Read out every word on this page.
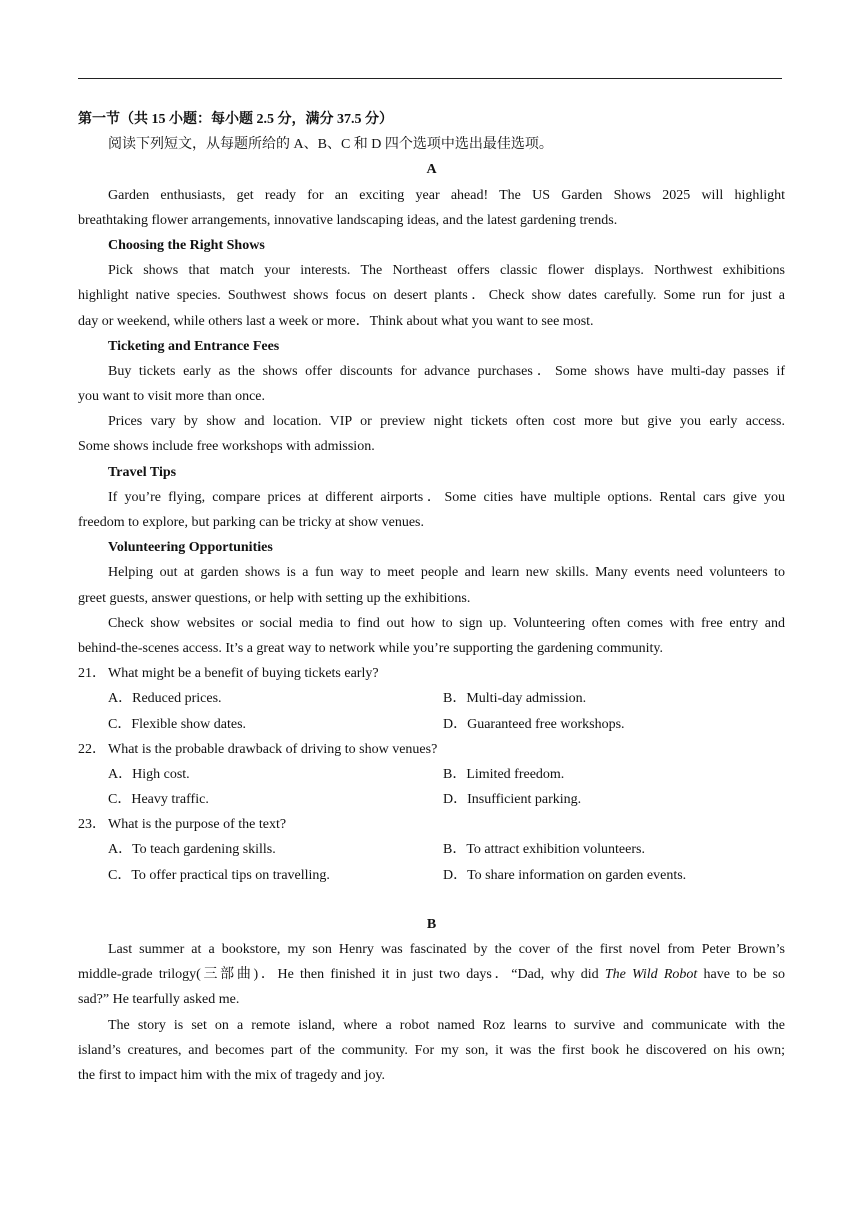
第一节（共 15 小题：每小题 2.5 分，满分 37.5 分）
阅读下列短文，从每题所给的 A、B、C 和 D 四个选项中选出最佳选项。
A
Garden enthusiasts, get ready for an exciting year ahead! The US Garden Shows 2025 will highlight
breathtaking flower arrangements, innovative landscaping ideas, and the latest gardening trends.
Choosing the Right Shows
Pick shows that match your interests. The Northeast offers classic flower displays. Northwest exhibitions
highlight native species. Southwest shows focus on desert plants．Check show dates carefully. Some run for just a
day or weekend, while others last a week or more．Think about what you want to see most.
Ticketing and Entrance Fees
Buy tickets early as the shows offer discounts for advance purchases．Some shows have multi-day passes if
you want to visit more than once.
Prices vary by show and location. VIP or preview night tickets often cost more but give you early access.
Some shows include free workshops with admission.
Travel Tips
If you’re flying, compare prices at different airports．Some cities have multiple options. Rental cars give you
freedom to explore, but parking can be tricky at show venues.
Volunteering Opportunities
Helping out at garden shows is a fun way to meet people and learn new skills. Many events need volunteers to
greet guests, answer questions, or help with setting up the exhibitions.
Check show websites or social media to find out how to sign up. Volunteering often comes with free entry and
behind-the-scenes access. It’s a great way to network while you’re supporting the gardening community.
21． What might be a benefit of buying tickets early?
A．Reduced prices.	B．Multi-day admission.
C．Flexible show dates.	D．Guaranteed free workshops.
22． What is the probable drawback of driving to show venues?
A．High cost.	B．Limited freedom.
C．Heavy traffic.	D．Insufficient parking.
23． What is the purpose of the text?
A．To teach gardening skills.	B．To attract exhibition volunteers.
C．To offer practical tips on travelling.	D．To share information on garden events.
B
Last summer at a bookstore, my son Henry was fascinated by the cover of the first novel from Peter Brown’s
middle-grade trilogy(三部曲)．He then finished it in just two days．“Dad, why did The Wild Robot have to be so
sad?” He tearfully asked me.
The story is set on a remote island, where a robot named Roz learns to survive and communicate with the
island’s creatures, and becomes part of the community. For my son, it was the first book he discovered on his own;
the first to impact him with the mix of tragedy and joy.
